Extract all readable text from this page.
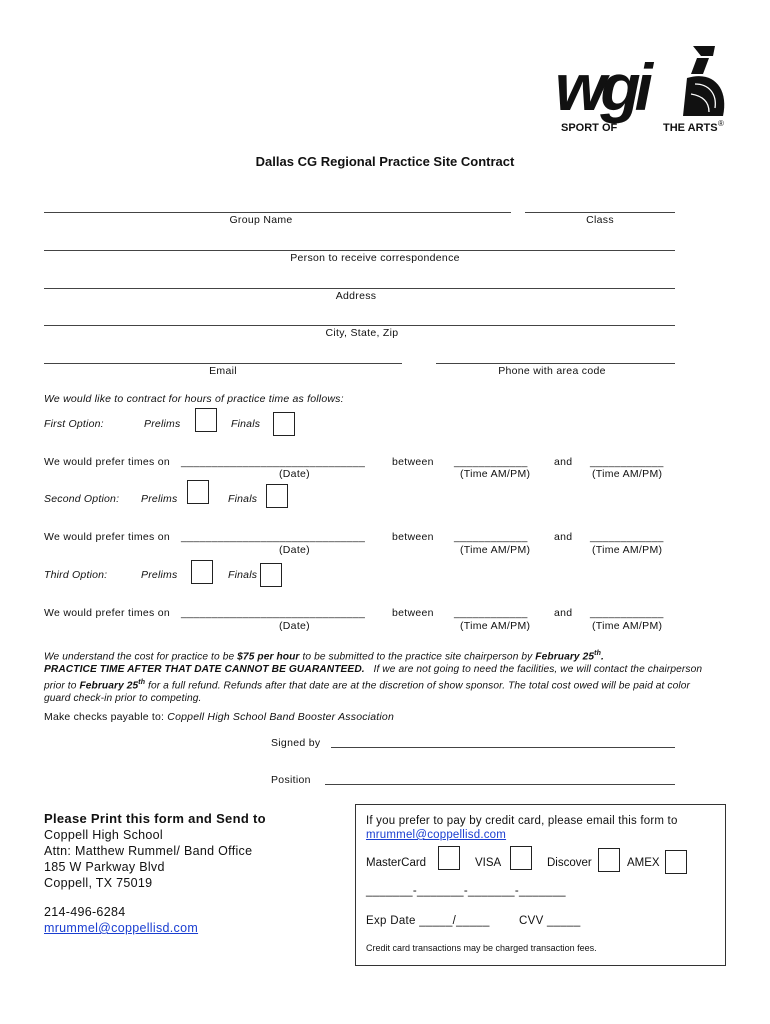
wgi
SPORT OF	THE ARTS ®
Dallas CG Regional Practice Site Contract
Group Name	Class
Person to receive correspondence
Address
City, State, Zip
Email	Phone with area code
We would like to contract for hours of practice time as follows:
First Option:	Prelims	Finals
We would prefer times on ______________________________	between ____________	and ____________
(Date)	(Time AM/PM)	(Time AM/PM)
Second Option: Prelims	Finals
We would prefer times on ______________________________	between ____________	and ____________
(Date)	(Time AM/PM)	(Time AM/PM)
Third Option:	Prelims	Finals
We would prefer times on ______________________________	between ____________	and ____________
(Date)	(Time AM/PM)	(Time AM/PM)
We understand the cost for practice to be $75 per hour to be submitted to the practice site chairperson by February 25th.
PRACTICE TIME AFTER THAT DATE CANNOT BE GUARANTEED.   If we are not going to need the facilities, we will contact the chairperson prior to February 25th for a full refund. Refunds after that date are at the discretion of show sponsor. The total cost owed will be paid at color guard check-in prior to competing.
Make checks payable to: Coppell High School Band Booster Association
Signed by
Position
Please Print this form and Send to
Coppell High School
Attn: Matthew Rummel/ Band Office
185 W Parkway Blvd
Coppell, TX 75019
214-496-6284
mrummel@coppellisd.com
If you prefer to pay by credit card, please email this form to
mrummel@coppellisd.com
MasterCard	VISA	Discover	AMEX
_______-_______-_______-_______
Exp Date _____/_____	CVV _____
Credit card transactions may be charged transaction fees.
